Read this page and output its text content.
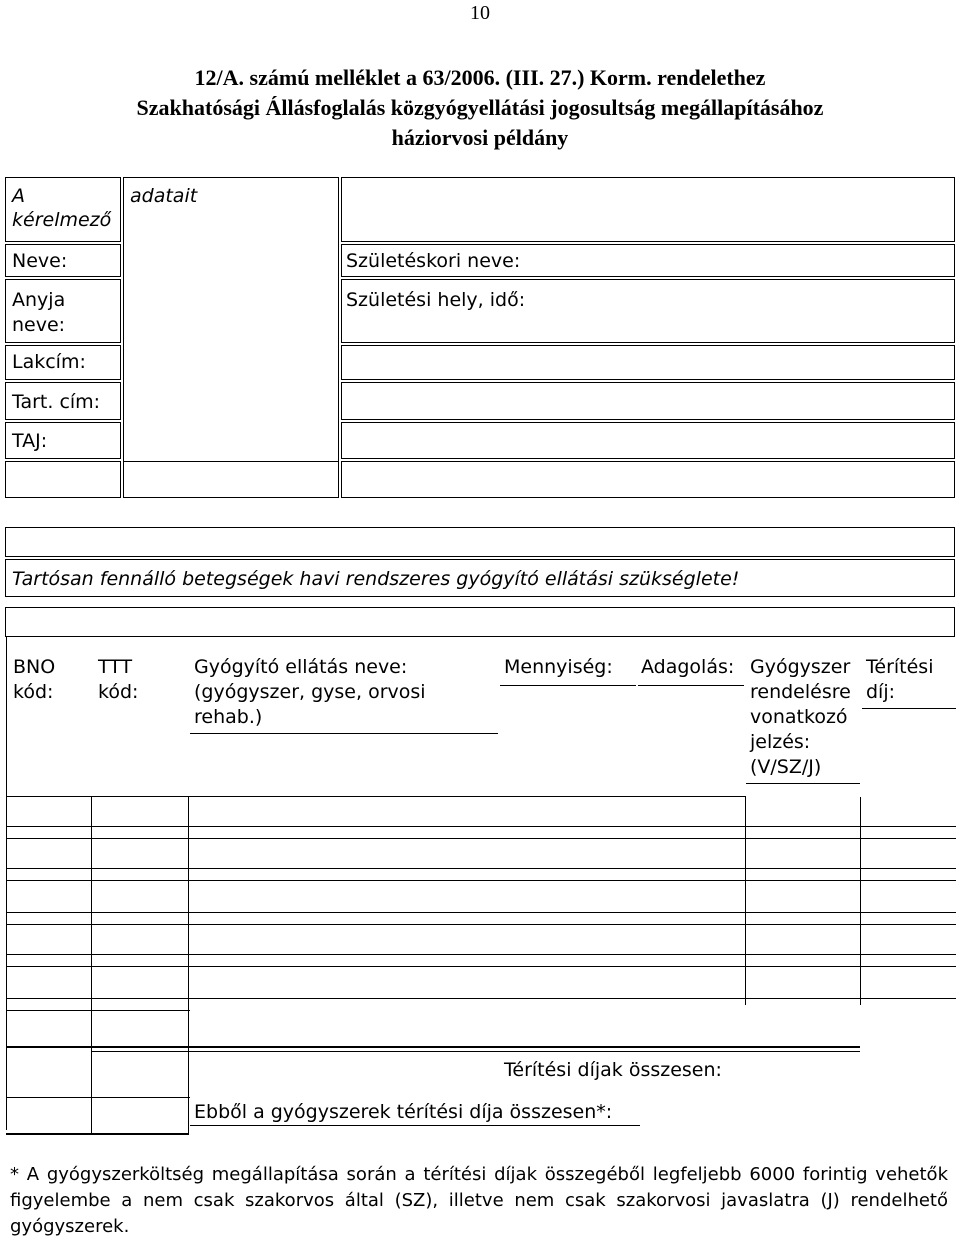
10
12/A. számú melléklet a 63/2006. (III. 27.) Korm. rendelethez
Szakhatósági Állásfoglalás közgyógyellátási jogosultság megállapításához
háziorvosi példány
A
kérelmező
adatait
Neve:
Anyja
neve:
Lakcím:
Tart. cím:
TAJ:
Születéskori neve:
Születési hely, idő:
Tartósan fennálló betegségek havi rendszeres gyógyító ellátási szükséglete!
BNO
kód:
TTT
kód:
Gyógyító ellátás neve:
(gyógyszer, gyse, orvosi
rehab.)
Mennyiség: Adagolás: Gyógyszer
rendelésre
vonatkozó
jelzés:
(V/SZ/J)
Térítési
díj:
Térítési díjak összesen:
Ebből a gyógyszerek térítési díja összesen*:
* A gyógyszerköltség megállapítása során a térítési díjak összegéből legfeljebb 6000 forintig vehetők figyelembe a nem csak szakorvos által (SZ), illetve nem csak szakorvosi javaslatra (J) rendelhető gyógyszerek.
